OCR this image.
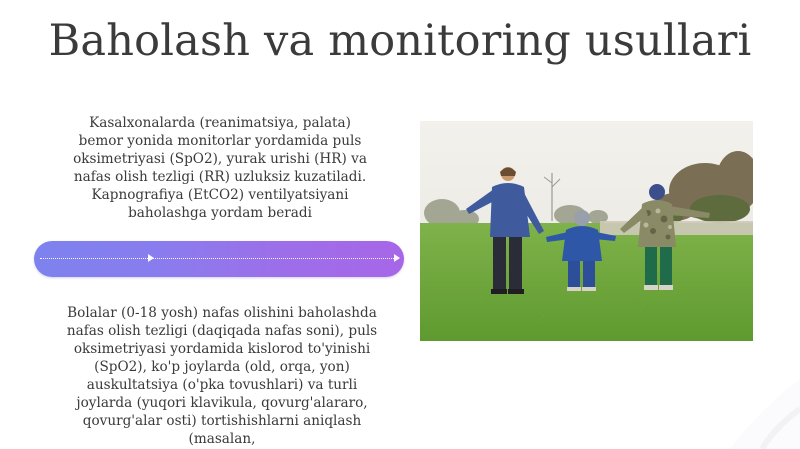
Baholash va monitoring usullari

Kasalxonalarda (reanimatsiya, palata) bemor yonida monitorlar yordamida puls oksimetriyasi (SpO2), yurak urishi (HR) va nafas olish tezligi (RR) uzluksiz kuzatiladi. Kapnografiya (EtCO2) ventilyatsiyani baholashga yordam beradi

Bolalar (0-18 yosh) nafas olishini baholashda nafas olish tezligi (daqiqada nafas soni), puls oksimetriyasi yordamida kislorod to'yinishi (SpO2), ko'p joylarda (old, orqa, yon) auskultatsiya (o'pka tovushlari) va turli joylarda (yuqori klavikula, qovurg'alararo, qovurg'alar osti) tortishishlarni aniqlash (masalan,
